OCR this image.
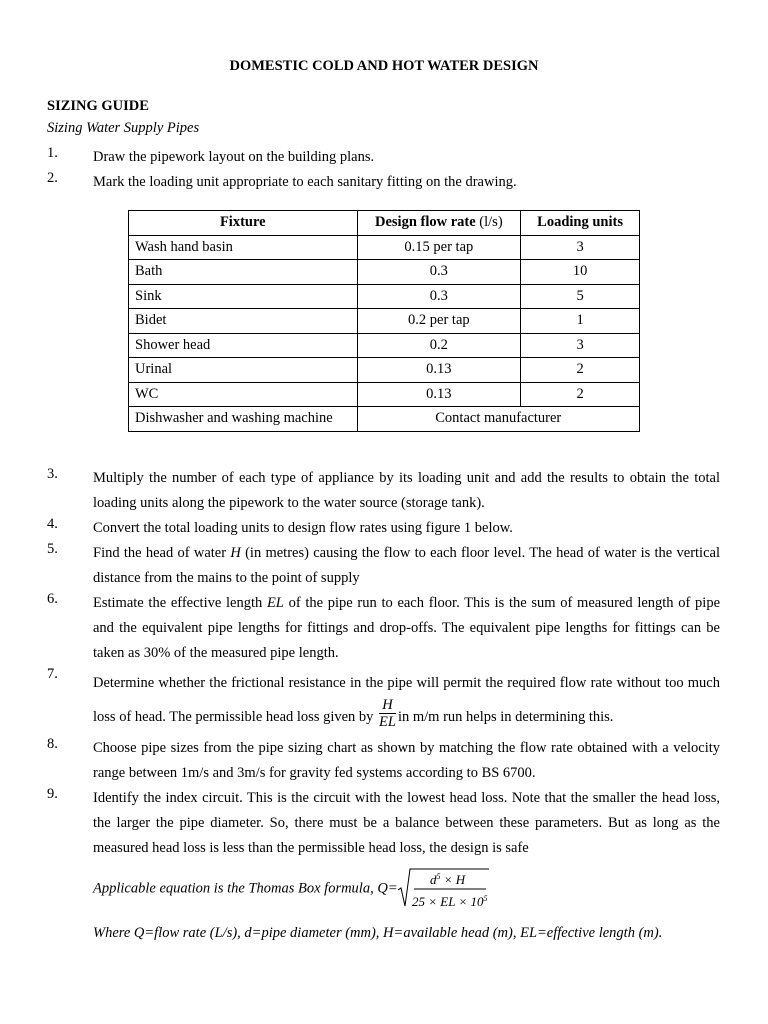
DOMESTIC COLD AND HOT WATER DESIGN
SIZING GUIDE
Sizing Water Supply Pipes
1. Draw the pipework layout on the building plans.
2. Mark the loading unit appropriate to each sanitary fitting on the drawing.
Fixture	Design flow rate (l/s)	Loading units
Wash hand basin	0.15 per tap	3
Bath	0.3	10
Sink	0.3	5
Bidet	0.2 per tap	1
Shower head	0.2	3
Urinal	0.13	2
WC	0.13	2
Dishwasher and washing machine	Contact manufacturer	
3. Multiply the number of each type of appliance by its loading unit and add the results to obtain the total loading units along the pipework to the water source (storage tank).
4. Convert the total loading units to design flow rates using figure 1 below.
5. Find the head of water H (in metres) causing the flow to each floor level. The head of water is the vertical distance from the mains to the point of supply
6. Estimate the effective length EL of the pipe run to each floor. This is the sum of measured length of pipe and the equivalent pipe lengths for fittings and drop-offs. The equivalent pipe lengths for fittings can be taken as 30% of the measured pipe length.
7.
Determine whether the frictional resistance in the pipe will permit the required flow rate without too much loss of head. The permissible head loss given by $\frac{H}{EL}$ in m/m run helps in determining this.
8. Choose pipe sizes from the pipe sizing chart as shown by matching the flow rate obtained with a velocity range between 1m/s and 3m/s for gravity fed systems according to BS 6700.
9. Identify the index circuit. This is the circuit with the lowest head loss. Note that the smaller the head loss, the larger the pipe diameter. So, there must be a balance between these parameters. But as long as the measured head loss is less than the permissible head loss, the design is safe
Applicable equation is the Thomas Box formula, Q=
$d^5 \times H$
25 × EL × $10^5$
Where Q=flow rate (L/s), d=pipe diameter (mm), H=available head (m), EL=effective length (m).
